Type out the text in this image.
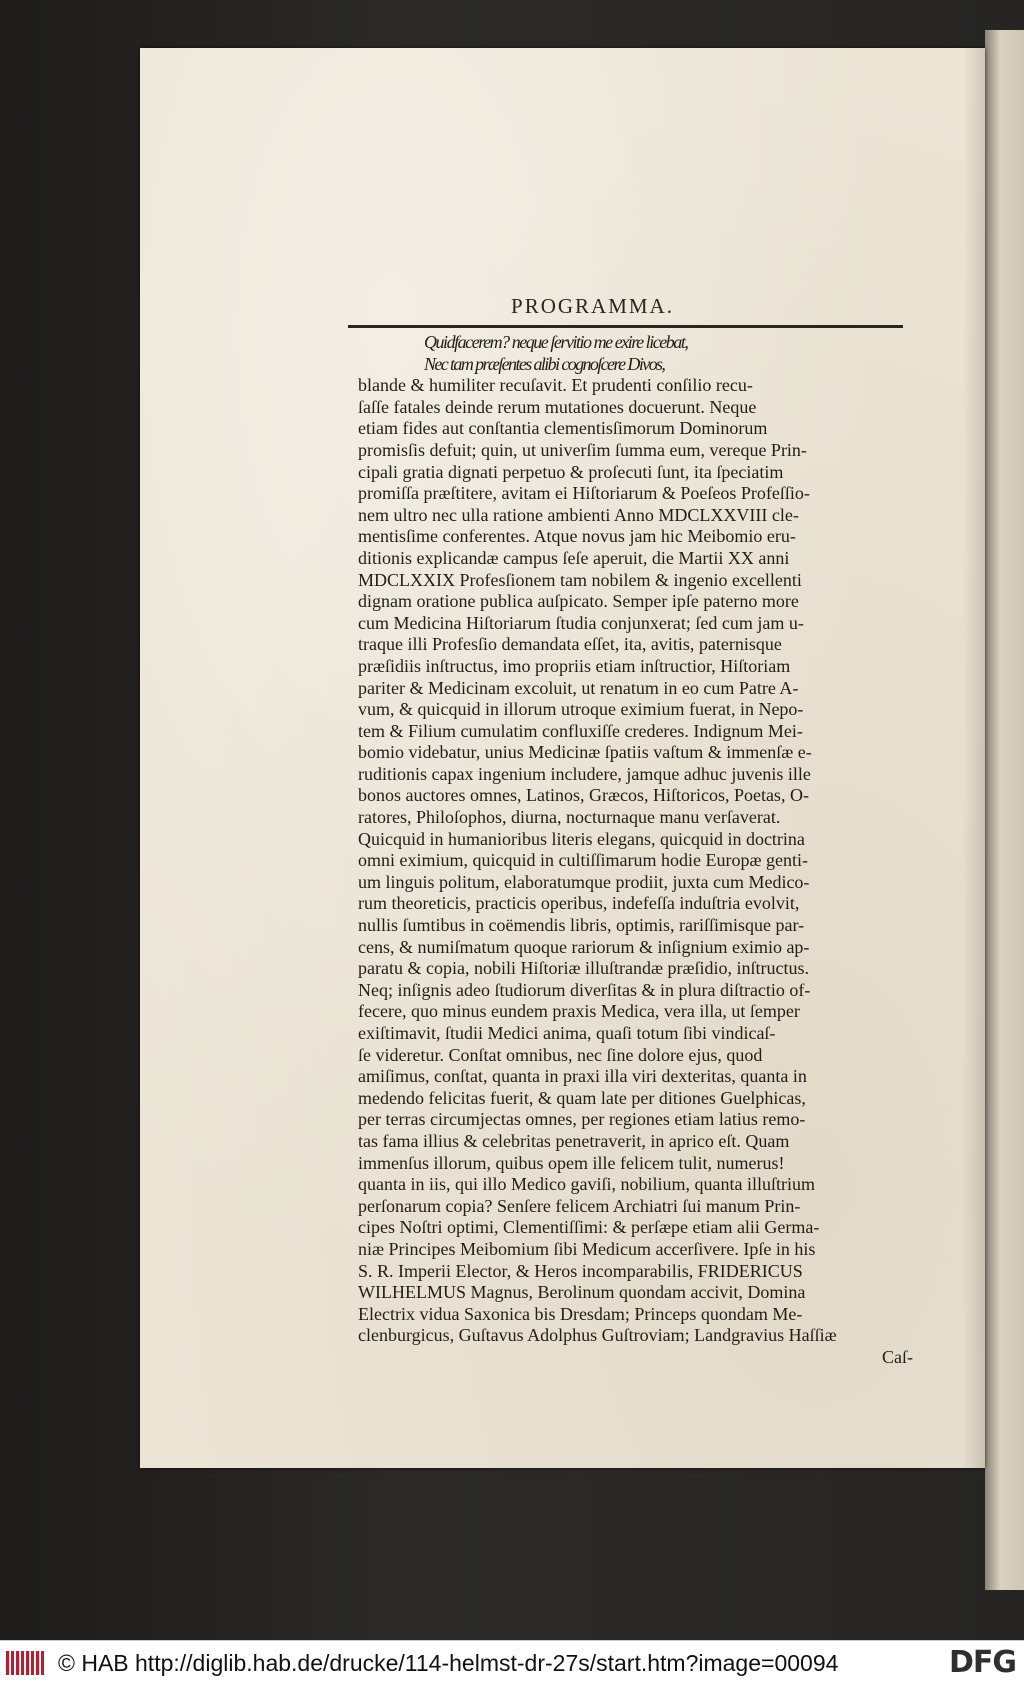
PROGRAMMA.
Quidfacerem? neque ſervitio me exire licebat,
Nec tam præſentes alibi cognoſcere Divos,
blande & humiliter recuſavit. Et prudenti conſilio recu-
ſaſſe fatales deinde rerum mutationes docuerunt. Neque
etiam fides aut conſtantia clementisſimorum Dominorum
promisſis defuit; quin, ut univerſim ſumma eum, vereque Prin-
cipali gratia dignati perpetuo & proſecuti ſunt, ita ſpeciatim
promiſſa præſtitere, avitam ei Hiſtoriarum & Poeſeos Profeſſio-
nem ultro nec ulla ratione ambienti Anno MDCLXXVIII cle-
mentisſime conferentes. Atque novus jam hic Meibomio eru-
ditionis explicandæ campus ſeſe aperuit, die Martii XX anni
MDCLXXIX Profesſionem tam nobilem & ingenio excellenti
dignam oratione publica auſpicato. Semper ipſe paterno more
cum Medicina Hiſtoriarum ſtudia conjunxerat; ſed cum jam u-
traque illi Profesſio demandata eſſet, ita, avitis, paternisque
præſidiis inſtructus, imo propriis etiam inſtructior, Hiſtoriam
pariter & Medicinam excoluit, ut renatum in eo cum Patre A-
vum, & quicquid in illorum utroque eximium fuerat, in Nepo-
tem & Filium cumulatim confluxiſſe crederes. Indignum Mei-
bomio videbatur, unius Medicinæ ſpatiis vaſtum & immenſæ e-
ruditionis capax ingenium includere, jamque adhuc juvenis ille
bonos auctores omnes, Latinos, Græcos, Hiſtoricos, Poetas, O-
ratores, Philoſophos, diurna, nocturnaque manu verſaverat.
Quicquid in humanioribus literis elegans, quicquid in doctrina
omni eximium, quicquid in cultiſſimarum hodie Europæ genti-
um linguis politum, elaboratumque prodiit, juxta cum Medico-
rum theoreticis, practicis operibus, indefeſſa induſtria evolvit,
nullis ſumtibus in coëmendis libris, optimis, rariſſimisque par-
cens, & numiſmatum quoque rariorum & inſignium eximio ap-
paratu & copia, nobili Hiſtoriæ illuſtrandæ præſidio, inſtructus.
Neq; inſignis adeo ſtudiorum diverſitas & in plura diſtractio of-
fecere, quo minus eundem praxis Medica, vera illa, ut ſemper
exiſtimavit, ſtudii Medici anima, quaſi totum ſibi vindicaſ-
ſe videretur. Conſtat omnibus, nec ſine dolore ejus, quod
amiſimus, conſtat, quanta in praxi illa viri dexteritas, quanta in
medendo felicitas fuerit, & quam late per ditiones Guelphicas,
per terras circumjectas omnes, per regiones etiam latius remo-
tas fama illius & celebritas penetraverit, in aprico eſt. Quam
immenſus illorum, quibus opem ille felicem tulit, numerus!
quanta in iis, qui illo Medico gaviſi, nobilium, quanta illuſtrium
perſonarum copia? Senſere felicem Archiatri ſui manum Prin-
cipes Noſtri optimi, Clementiſſimi: & perſæpe etiam alii Germa-
niæ Principes Meibomium ſibi Medicum accerſivere. Ipſe in his
S. R. Imperii Elector, & Heros incomparabilis, FRIDERICUS
WILHELMUS Magnus, Berolinum quondam accivit, Domina
Electrix vidua Saxonica bis Dresdam; Princeps quondam Me-
clenburgicus, Guſtavus Adolphus Guſtroviam; Landgravius Haſſiæ
Caſ-
© HAB http://diglib.hab.de/drucke/114-helmst-dr-27s/start.htm?image=00094	DFG
